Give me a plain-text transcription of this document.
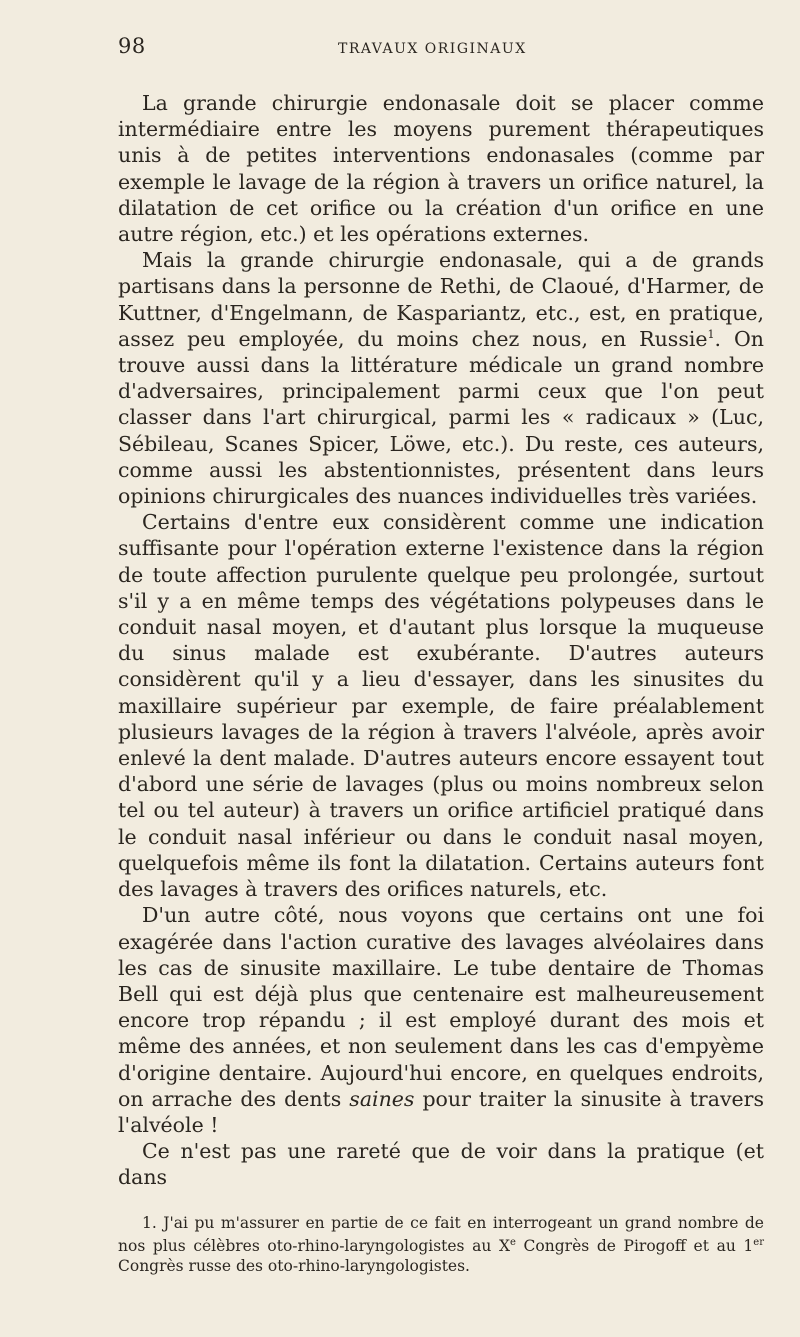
98	TRAVAUX ORIGINAUX

La grande chirurgie endonasale doit se placer comme intermédiaire entre les moyens purement thérapeutiques unis à de petites interventions endonasales (comme par exemple le lavage de la région à travers un orifice naturel, la dilatation de cet orifice ou la création d'un orifice en une autre région, etc.) et les opérations externes.

Mais la grande chirurgie endonasale, qui a de grands partisans dans la personne de Rethi, de Claoué, d'Harmer, de Kuttner, d'Engelmann, de Kaspariantz, etc., est, en pratique, assez peu employée, du moins chez nous, en Russie$^1$. On trouve aussi dans la littérature médicale un grand nombre d'adversaires, principalement parmi ceux que l'on peut classer dans l'art chirurgical, parmi les « radicaux » (Luc, Sébileau, Scanes Spicer, Löwe, etc.). Du reste, ces auteurs, comme aussi les abstentionnistes, présentent dans leurs opinions chirurgicales des nuances individuelles très variées.

Certains d'entre eux considèrent comme une indication suffisante pour l'opération externe l'existence dans la région de toute affection purulente quelque peu prolongée, surtout s'il y a en même temps des végétations polypeuses dans le conduit nasal moyen, et d'autant plus lorsque la muqueuse du sinus malade est exubérante. D'autres auteurs considèrent qu'il y a lieu d'essayer, dans les sinusites du maxillaire supérieur par exemple, de faire préalablement plusieurs lavages de la région à travers l'alvéole, après avoir enlevé la dent malade. D'autres auteurs encore essayent tout d'abord une série de lavages (plus ou moins nombreux selon tel ou tel auteur) à travers un orifice artificiel pratiqué dans le conduit nasal inférieur ou dans le conduit nasal moyen, quelquefois même ils font la dilatation. Certains auteurs font des lavages à travers des orifices naturels, etc.

D'un autre côté, nous voyons que certains ont une foi exagérée dans l'action curative des lavages alvéolaires dans les cas de sinusite maxillaire. Le tube dentaire de Thomas Bell qui est déjà plus que centenaire est malheureusement encore trop répandu ; il est employé durant des mois et même des années, et non seulement dans les cas d'empyème d'origine dentaire. Aujourd'hui encore, en quelques endroits, on arrache des dents saines pour traiter la sinusite à travers l'alvéole !

Ce n'est pas une rareté que de voir dans la pratique (et dans

1. J'ai pu m'assurer en partie de ce fait en interrogeant un grand nombre de nos plus célèbres oto-rhino-laryngologistes au Xe Congrès de Pirogoff et au 1er Congrès russe des oto-rhino-laryngologistes.
